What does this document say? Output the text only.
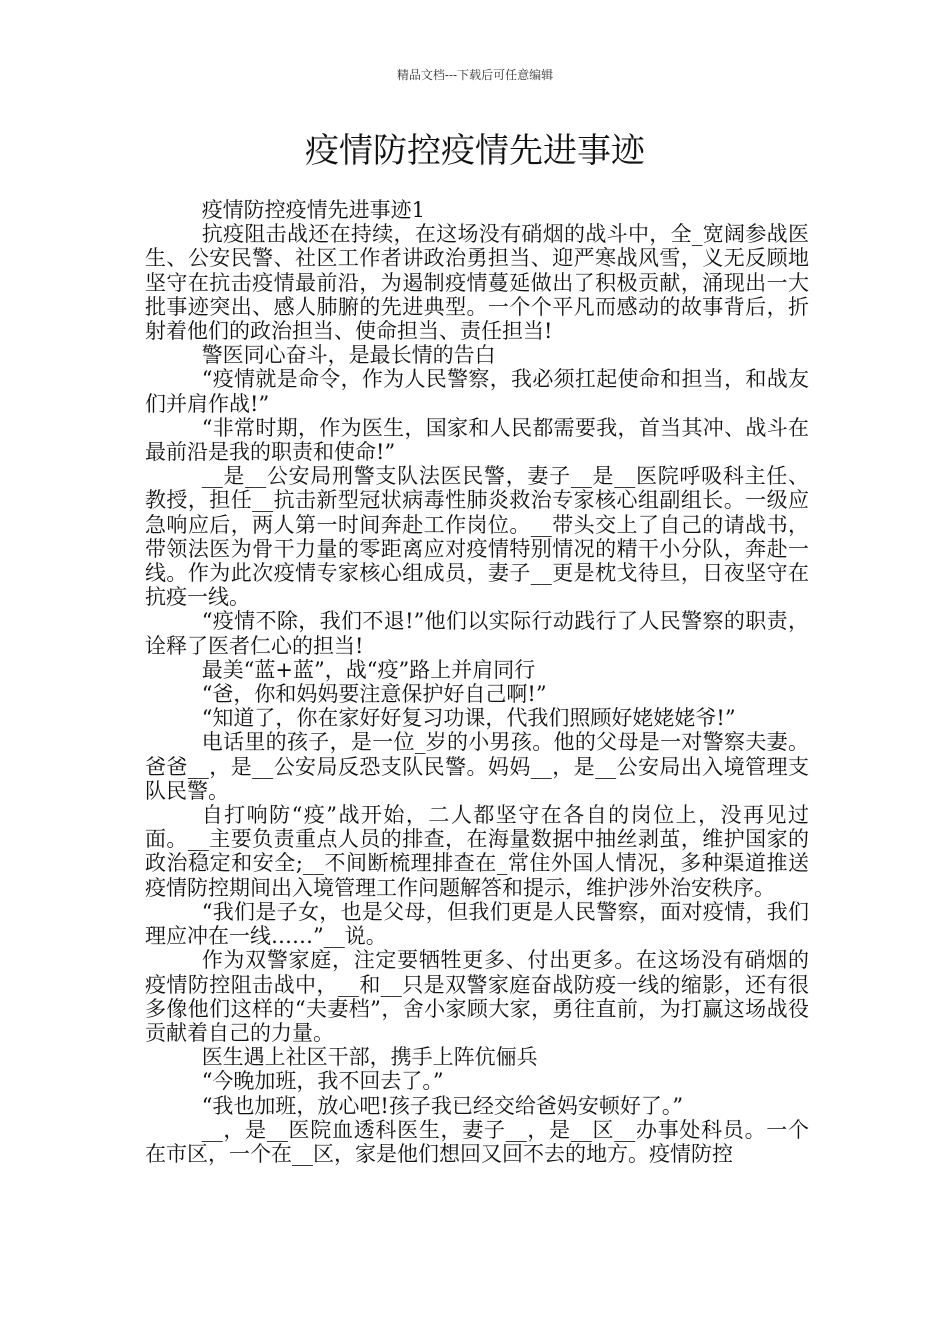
精品文档---下载后可任意编辑
疫情防控疫情先进事迹

疫情防控疫情先进事迹1

抗疫阻击战还在持续，在这场没有硝烟的战斗中，全_宽阔参战医生、公安民警、社区工作者讲政治勇担当、迎严寒战风雪，义无反顾地坚守在抗击疫情最前沿，为遏制疫情蔓延做出了积极贡献，涌现出一大批事迹突出、感人肺腑的先进典型。一个个平凡而感动的故事背后，折射着他们的政治担当、使命担当、责任担当!

警医同心奋斗，是最长情的告白

“疫情就是命令，作为人民警察，我必须扛起使命和担当，和战友们并肩作战!”

“非常时期，作为医生，国家和人民都需要我，首当其冲、战斗在最前沿是我的职责和使命!”

__是__公安局刑警支队法医民警，妻子__是__医院呼吸科主任、教授，担任__抗击新型冠状病毒性肺炎救治专家核心组副组长。一级应急响应后，两人第一时间奔赴工作岗位。__带头交上了自己的请战书，带领法医为骨干力量的零距离应对疫情特别情况的精干小分队，奔赴一线。作为此次疫情专家核心组成员，妻子__更是枕戈待旦，日夜坚守在抗疫一线。

“疫情不除，我们不退!”他们以实际行动践行了人民警察的职责，诠释了医者仁心的担当!

最美“蓝+蓝”，战“疫”路上并肩同行

“爸，你和妈妈要注意保护好自己啊!”

“知道了，你在家好好复习功课，代我们照顾好姥姥姥爷!”

电话里的孩子，是一位_岁的小男孩。他的父母是一对警察夫妻。爸爸__，是__公安局反恐支队民警。妈妈__，是__公安局出入境管理支队民警。

自打响防“疫”战开始，二人都坚守在各自的岗位上，没再见过面。__主要负责重点人员的排查，在海量数据中抽丝剥茧，维护国家的政治稳定和安全;__不间断梳理排查在_常住外国人情况，多种渠道推送疫情防控期间出入境管理工作问题解答和提示，维护涉外治安秩序。

“我们是子女，也是父母，但我们更是人民警察，面对疫情，我们理应冲在一线……”__说。

作为双警家庭，注定要牺牲更多、付出更多。在这场没有硝烟的疫情防控阻击战中，__和__只是双警家庭奋战防疫一线的缩影，还有很多像他们这样的“夫妻档”，舍小家顾大家，勇往直前，为打赢这场战役贡献着自己的力量。

医生遇上社区干部，携手上阵伉俪兵

“今晚加班，我不回去了。”

“我也加班，放心吧!孩子我已经交给爸妈安顿好了。”

__，是__医院血透科医生，妻子__，是__区__办事处科员。一个在市区，一个在__区，家是他们想回又回不去的地方。疫情防控
